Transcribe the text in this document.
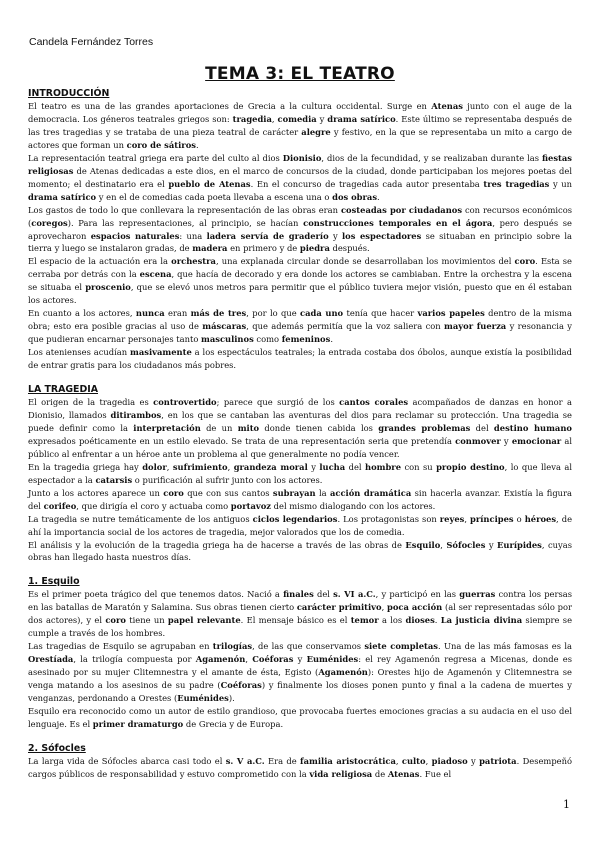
Candela Fernández Torres
TEMA 3: EL TEATRO
INTRODUCCIÓN

El teatro es una de las grandes aportaciones de Grecia a la cultura occidental. Surge en Atenas junto con el auge de la democracia. Los géneros teatrales griegos son: tragedia, comedia y drama satírico. Este último se representaba después de las tres tragedias y se trataba de una pieza teatral de carácter alegre y festivo, en la que se representaba un mito a cargo de actores que forman un coro de sátiros.

La representación teatral griega era parte del culto al dios Dionisio, dios de la fecundidad, y se realizaban durante las fiestas religiosas de Atenas dedicadas a este dios, en el marco de concursos de la ciudad, donde participaban los mejores poetas del momento; el destinatario era el pueblo de Atenas. En el concurso de tragedias cada autor presentaba tres tragedias y un drama satírico y en el de comedias cada poeta llevaba a escena una o dos obras.

Los gastos de todo lo que conllevara la representación de las obras eran costeadas por ciudadanos con recursos económicos (coregos). Para las representaciones, al principio, se hacían construcciones temporales en el ágora, pero después se aprovecharon espacios naturales: una ladera servía de graderío y los espectadores se situaban en principio sobre la tierra y luego se instalaron gradas, de madera en primero y de piedra después.

El espacio de la actuación era la orchestra, una explanada circular donde se desarrollaban los movimientos del coro. Esta se cerraba por detrás con la escena, que hacía de decorado y era donde los actores se cambiaban. Entre la orchestra y la escena se situaba el proscenio, que se elevó unos metros para permitir que el público tuviera mejor visión, puesto que en él estaban los actores.

En cuanto a los actores, nunca eran más de tres, por lo que cada uno tenía que hacer varios papeles dentro de la misma obra; esto era posible gracias al uso de máscaras, que además permitía que la voz saliera con mayor fuerza y resonancia y que pudieran encarnar personajes tanto masculinos como femeninos.

Los atenienses acudían masivamente a los espectáculos teatrales; la entrada costaba dos óbolos, aunque existía la posibilidad de entrar gratis para los ciudadanos más pobres.

LA TRAGEDIA

El origen de la tragedia es controvertido; parece que surgió de los cantos corales acompañados de danzas en honor a Dionisio, llamados ditirambos, en los que se cantaban las aventuras del dios para reclamar su protección. Una tragedia se puede definir como la interpretación de un mito donde tienen cabida los grandes problemas del destino humano expresados poéticamente en un estilo elevado. Se trata de una representación seria que pretendía conmover y emocionar al público al enfrentar a un héroe ante un problema al que generalmente no podía vencer.

En la tragedia griega hay dolor, sufrimiento, grandeza moral y lucha del hombre con su propio destino, lo que lleva al espectador a la catarsis o purificación al sufrir junto con los actores.

Junto a los actores aparece un coro que con sus cantos subrayan la acción dramática sin hacerla avanzar. Existía la figura del corifeo, que dirigía el coro y actuaba como portavoz del mismo dialogando con los actores.

La tragedia se nutre temáticamente de los antiguos ciclos legendarios. Los protagonistas son reyes, príncipes o héroes, de ahí la importancia social de los actores de tragedia, mejor valorados que los de comedia.

El análisis y la evolución de la tragedia griega ha de hacerse a través de las obras de Esquilo, Sófocles y Eurípides, cuyas obras han llegado hasta nuestros días.

1. Esquilo

Es el primer poeta trágico del que tenemos datos. Nació a finales del s. VI a.C., y participó en las guerras contra los persas en las batallas de Maratón y Salamina. Sus obras tienen cierto carácter primitivo, poca acción (al ser representadas sólo por dos actores), y el coro tiene un papel relevante. El mensaje básico es el temor a los dioses. La justicia divina siempre se cumple a través de los hombres.

Las tragedias de Esquilo se agrupaban en trilogías, de las que conservamos siete completas. Una de las más famosas es la Orestíada, la trilogía compuesta por Agamenón, Coéforas y Euménides: el rey Agamenón regresa a Micenas, donde es asesinado por su mujer Clitemnestra y el amante de ésta, Egisto (Agamenón): Orestes hijo de Agamenón y Clitemnestra se venga matando a los asesinos de su padre (Coéforas) y finalmente los dioses ponen punto y final a la cadena de muertes y venganzas, perdonando a Orestes (Euménides).

Esquilo era reconocido como un autor de estilo grandioso, que provocaba fuertes emociones gracias a su audacia en el uso del lenguaje. Es el primer dramaturgo de Grecia y de Europa.

2. Sófocles

La larga vida de Sófocles abarca casi todo el s. V a.C. Era de familia aristocrática, culto, piadoso y patriota. Desempeñó cargos públicos de responsabilidad y estuvo comprometido con la vida religiosa de Atenas. Fue el

1
